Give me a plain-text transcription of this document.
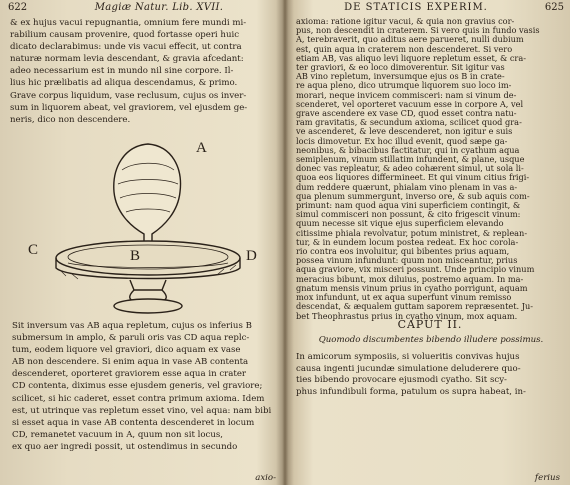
622	Magiæ Natur. Lib. XVII.
& ex hujus vacui repugnantia, omnium fere mundi mi-
rabilium causam provenire, quod fortasse operi huic
dicato declarabimus: unde vis vacui effecit, ut contra
naturæ normam levia descendant, & gravia afcedant:
adeo necessarium est in mundo nil sine corpore. Il-
lius hic prælibatis ad aliqua descendamus, & primo.
Grave corpus liquidum, vase reclusum, cujus os inver-
sum in liquorem abeat, vel graviorem, vel ejusdem ge-
neris, dico non descendere.
A
B
C	D
Sit inversum vas AB aqua repletum, cujus os inferius B
submersum in amplo, & paruli oris vas CD aqua replc-
tum, eodem liquore vel graviori, dico aquam ex vase
AB non descendere. Si enim aqua in vase AB contenta
descenderet, oporteret graviorem esse aqua in crater
CD contenta, diximus esse ejusdem generis, vel graviore;
scilicet, si hic caderet, esset contra primum axioma. Idem
est, ut utrinque vas repletum esset vino, vel aqua: nam bibi
si esset aqua in vase AB contenta descenderet in locum
CD, remanetet vacuum in A, quum non sit locus,
ex quo aer ingredi possit, ut ostendimus in secundo
axio-
DE STATICIS EXPERIM.	625
axioma: ratione igitur vacui, & quia non gravius cor-
pus, non descendit in craterem. Si vero quis in fundo vasis
A, terebraverit, quo aditus aere parueret, nulli dubium
est, quin aqua in craterem non descenderet. Si vero
etiam AB, vas aliquo levi liquore repletum esset, & cra-
ter graviori, & eo loco dimoverentur. Sit igitur vas
AB vino repletum, inversumque ejus os B in crate-
re aqua pleno, dico utrumque liquorem suo loco im-
morari, neque invicem commisceri: nam si vinum de-
scenderet, vel oporteret vacuum esse in corpore A, vel
grave ascendere ex vase CD, quod esset contra natu-
ram gravitatis, & secundum axioma, scilicet quod gra-
ve ascenderet, & leve descenderet, non igitur e suis
locis dimovetur. Ex hoc illud evenit, quod sæpe ga-
neonibus, & bibacibus factitatur, qui in cyathum aqua
semiplenum, vinum stillatim infundent, & plane, usque
donec vas repleatur, & adeo cohærent simul, ut sola li-
quoa eos liquores differmineet. Et qui vinum citius frigi-
dum reddere quærunt, phialam vino plenam in vas a-
qua plenum summergunt, inverso ore, & sub aquis com-
primunt: nam quod aqua vini superficiem contingit, &
simul commisceri non possunt, & cito frigescit vinum:
quum necesse sit vique ejus superficiem elevando
citissime phiala revolvatur, potum ministret, & replean-
tur, & in eundem locum postea redeat. Ex hoc corola-
rio contra eos involuitur, qui bibentes prius aquam,
possea vinum infundunt: quum non misceantur, prius
aqua graviore, vix misceri possunt. Unde principio vinum
meracius bibunt, mox diluius, postremo aquam. In ma-
gnatum mensis vinum prius in cyatho porrigunt, aquam
mox infundunt, ut ex aqua superfunt vinum remisso
descendat, & æqualem guttam saporem repræsentet. Ju-
bet Theophrastus prius in cyatho vinum, mox aquam.
CAPUT II.
Quomodo discumbentes bibendo illudere possimus.
In amicorum symposiis, si volueritis convivas hujus
causa ingenti jucundæ simulatione deluderere quo-
ties bibendo provocare ejusmodi cyatho. Sit scy-
phus infundibuli forma, patulum os supra habeat, in-
ferius
